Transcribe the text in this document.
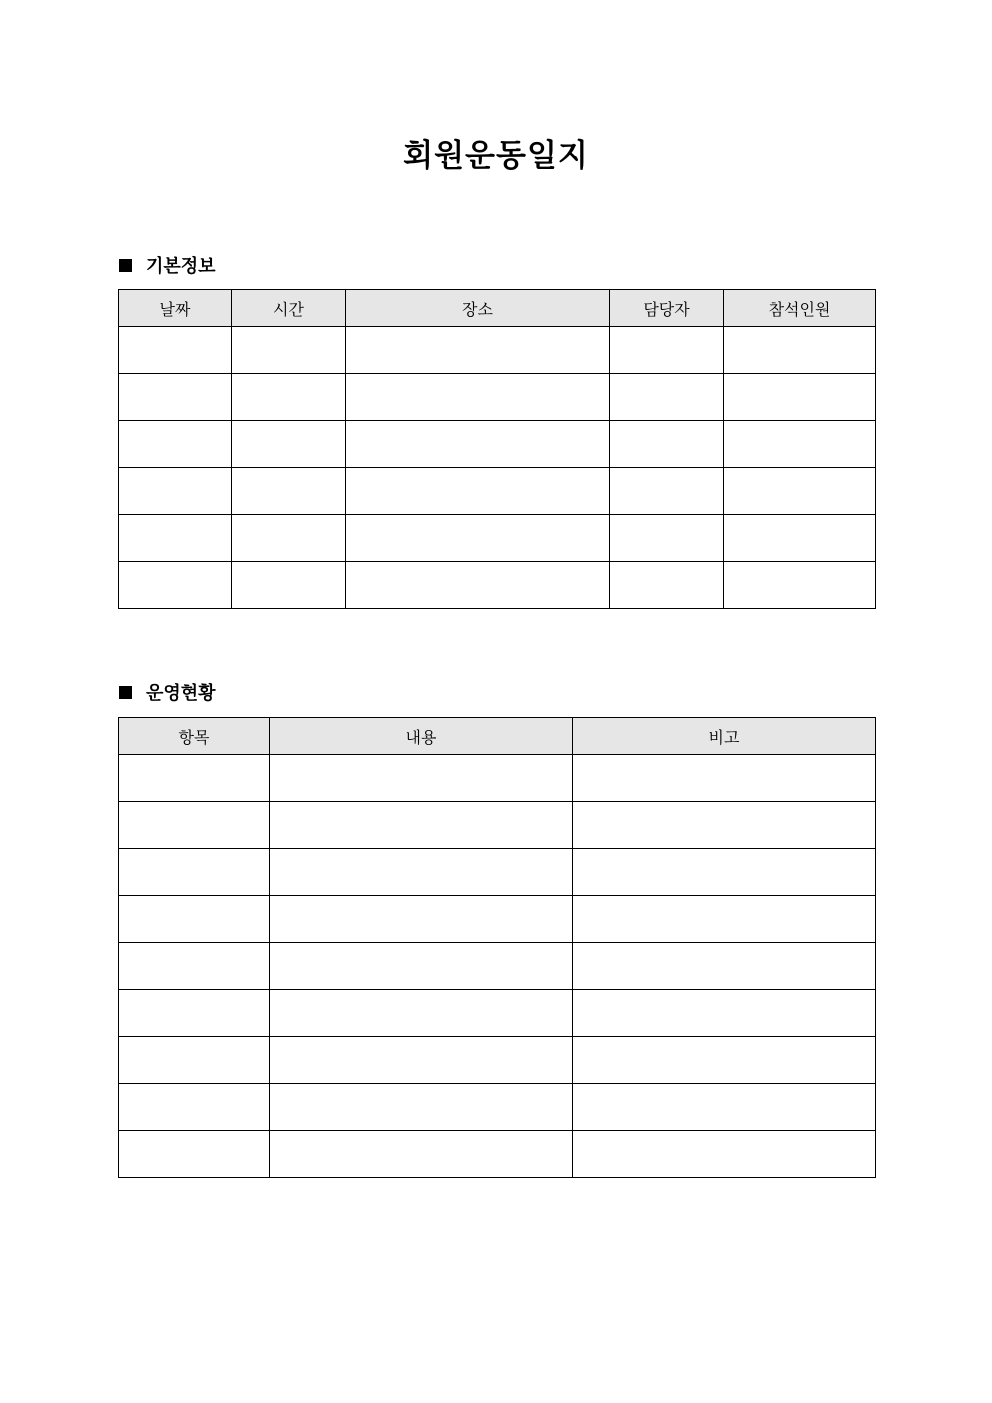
회원운동일지
기본정보
날짜	시간	장소	담당자	참석인원

운영현황
항목	내용	비고
